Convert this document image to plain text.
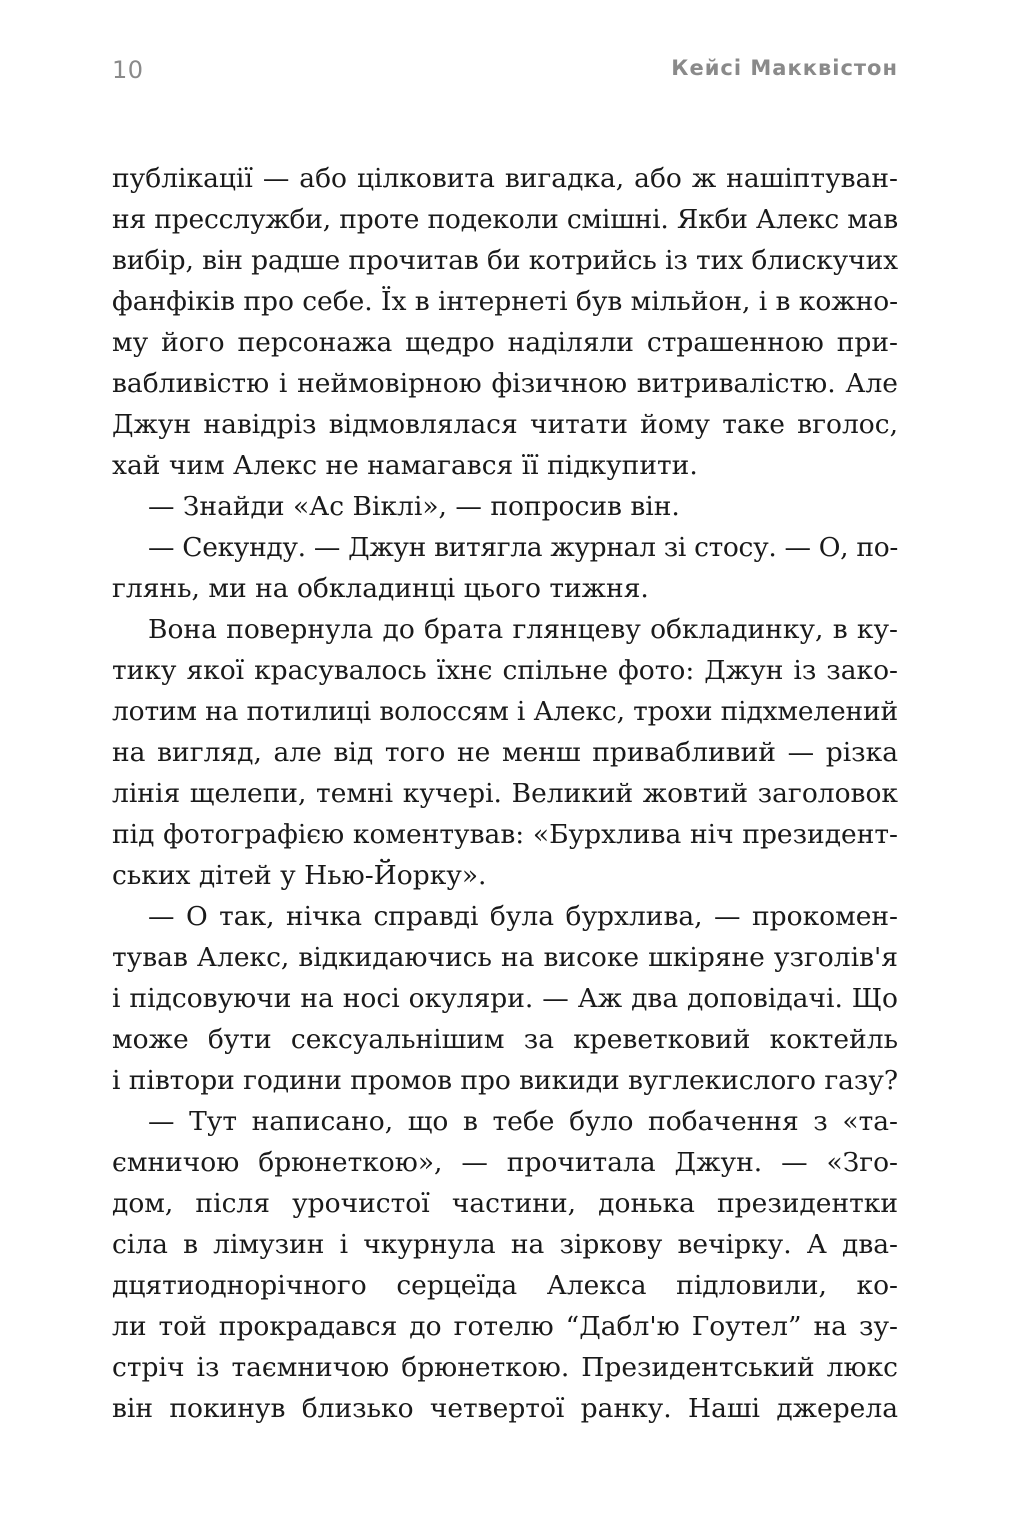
10	Кейсі Макквістон
публікації — або цілковита вигадка, або ж нашіптуван-
ня пресслужби, проте подеколи смішні. Якби Алекс мав
вибір, він радше прочитав би котрийсь із тих блискучих
фанфіків про себе. Їх в інтернеті був мільйон, і в кожно-
му його персонажа щедро наділяли страшенною при-
вабливістю і неймовірною фізичною витривалістю. Але
Джун навідріз відмовлялася читати йому таке вголос,
хай чим Алекс не намагався її підкупити.
— Знайди «Ас Віклі», — попросив він.
— Секунду. — Джун витягла журнал зі стосу. — О, по-
глянь, ми на обкладинці цього тижня.
Вона повернула до брата глянцеву обкладинку, в ку-
тику якої красувалось їхнє спільне фото: Джун із зако-
лотим на потилиці волоссям і Алекс, трохи підхмелений
на вигляд, але від того не менш привабливий — різка
лінія щелепи, темні кучері. Великий жовтий заголовок
під фотографією коментував: «Бурхлива ніч президент-
ських дітей у Нью-Йорку».
— О так, нічка справді була бурхлива, — прокомен-
тував Алекс, відкидаючись на високе шкіряне узголів'я
і підсовуючи на носі окуляри. — Аж два доповідачі. Що
може бути сексуальнішим за креветковий коктейль
і півтори години промов про викиди вуглекислого газу?
— Тут написано, що в тебе було побачення з «та-
ємничою брюнеткою», — прочитала Джун. — «Зго-
дом, після урочистої частини, донька президентки
сіла в лімузин і чкурнула на зіркову вечірку. А два-
дцятиоднорічного серцеїда Алекса підловили, ко-
ли той прокрадався до готелю “Дабл'ю Гоутел” на зу-
стріч із таємничою брюнеткою. Президентський люкс
він покинув близько четвертої ранку. Наші джерела
